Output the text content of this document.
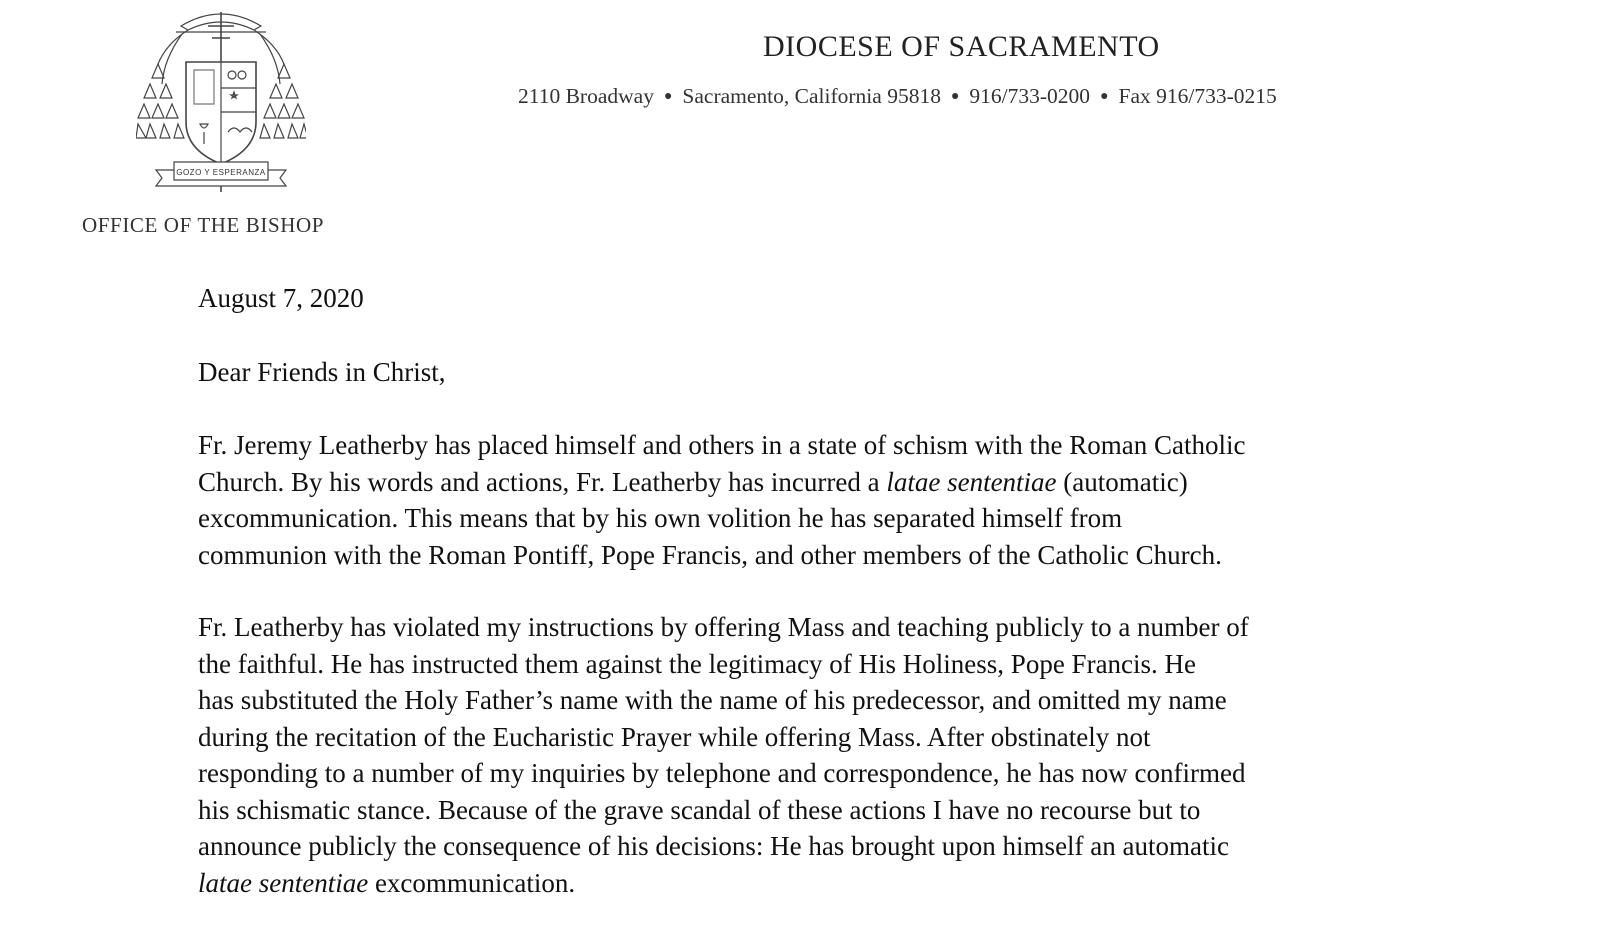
GOZO Y ESPERANZA
DIOCESE OF SACRAMENTO
2110 Broadway ● Sacramento, California 95818 ● 916/733-0200 ● Fax 916/733-0215
OFFICE OF THE BISHOP

August 7, 2020

Dear Friends in Christ,

Fr. Jeremy Leatherby has placed himself and others in a state of schism with the Roman Catholic

Church. By his words and actions, Fr. Leatherby has incurred a latae sententiae (automatic)

excommunication. This means that by his own volition he has separated himself from

communion with the Roman Pontiff, Pope Francis, and other members of the Catholic Church.

Fr. Leatherby has violated my instructions by offering Mass and teaching publicly to a number of

the faithful. He has instructed them against the legitimacy of His Holiness, Pope Francis. He

has substituted the Holy Father’s name with the name of his predecessor, and omitted my name

during the recitation of the Eucharistic Prayer while offering Mass. After obstinately not

responding to a number of my inquiries by telephone and correspondence, he has now confirmed

his schismatic stance. Because of the grave scandal of these actions I have no recourse but to

announce publicly the consequence of his decisions: He has brought upon himself an automatic

latae sententiae excommunication.
